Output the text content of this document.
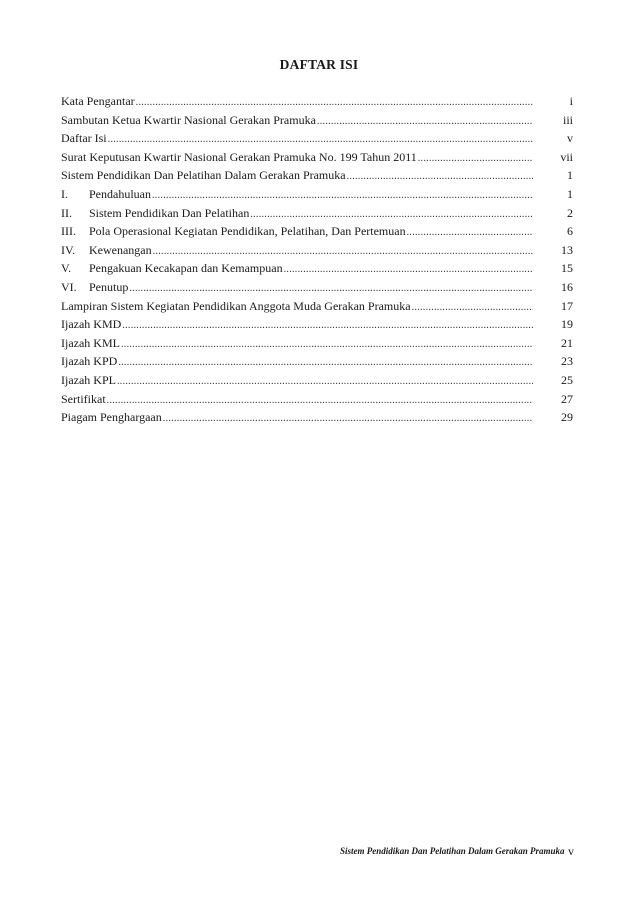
DAFTAR ISI
Kata Pengantar .....	i
Sambutan Ketua Kwartir Nasional Gerakan Pramuka .....	iii
Daftar Isi .....	v
Surat Keputusan Kwartir Nasional Gerakan Pramuka No. 199 Tahun 2011 .....	vii
Sistem Pendidikan Dan Pelatihan Dalam Gerakan Pramuka .....	1
I.	Pendahuluan .....	1
II.	Sistem Pendidikan Dan Pelatihan .....	2
III.	Pola Operasional Kegiatan Pendidikan, Pelatihan, Dan Pertemuan .....	6
IV.	Kewenangan .....	13
V.	Pengakuan Kecakapan dan Kemampuan .....	15
VI.	Penutup .....	16
Lampiran Sistem Kegiatan Pendidikan Anggota Muda Gerakan Pramuka .....	17
Ijazah KMD .....	19
Ijazah KML .....	21
Ijazah KPD .....	23
Ijazah KPL .....	25
Sertifikat .....	27
Piagam Penghargaan .....	29
Sistem Pendidikan Dan Pelatihan Dalam Gerakan Pramuka v
